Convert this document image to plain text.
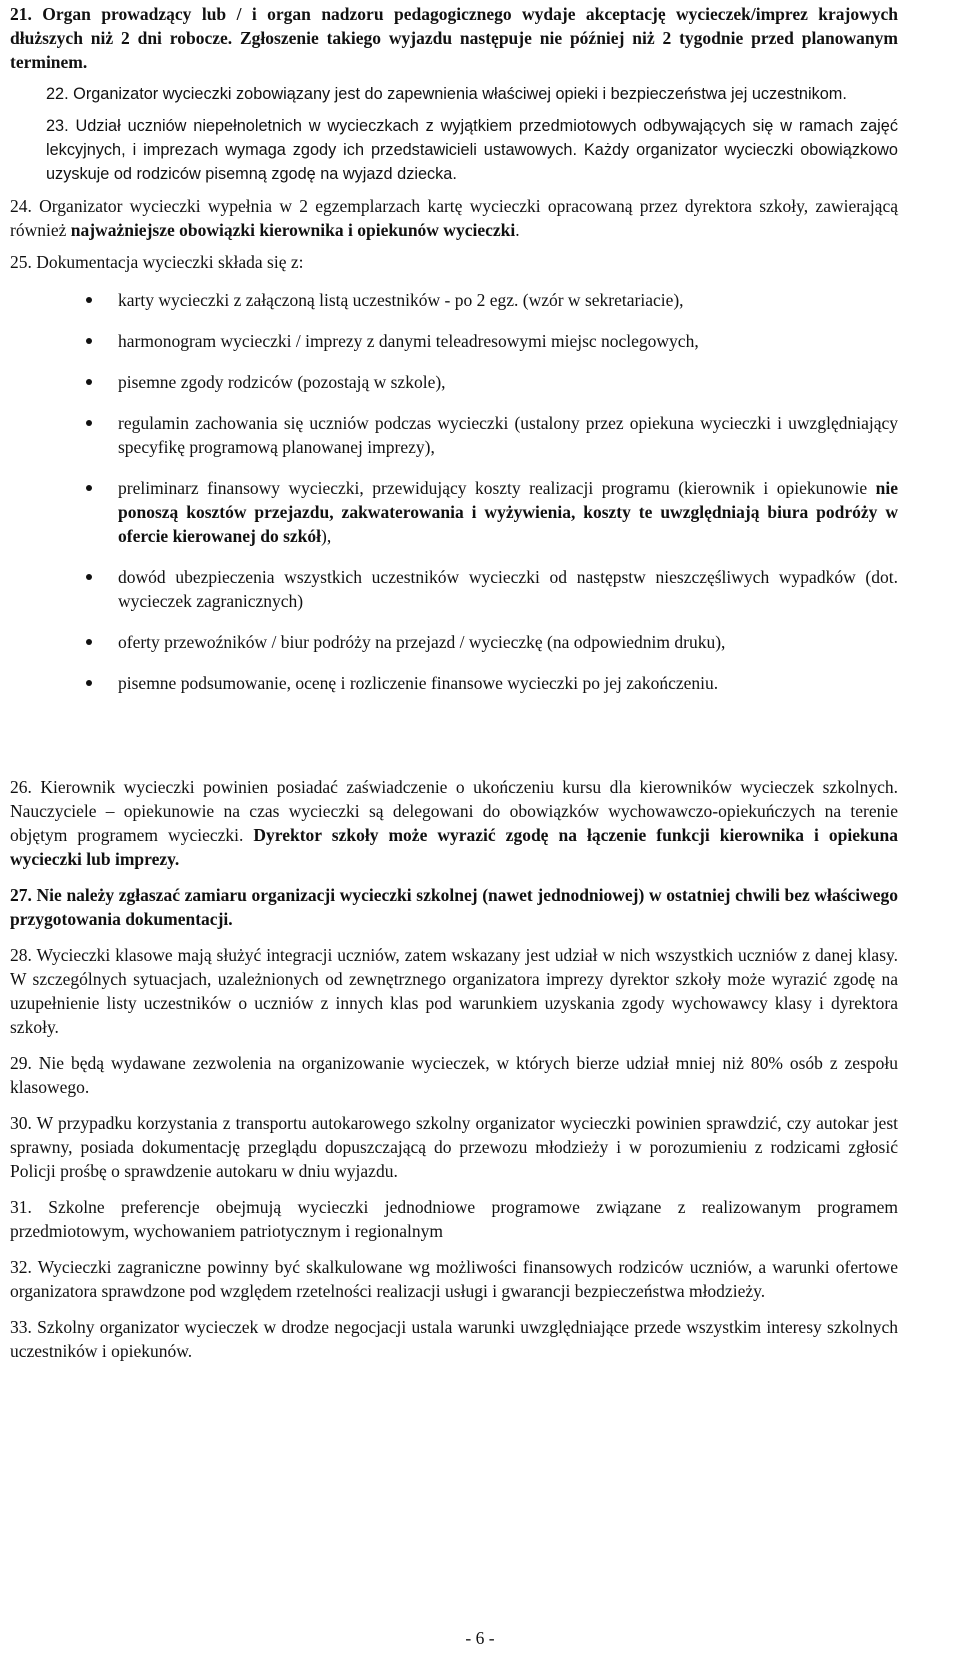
21. Organ prowadzący lub / i organ nadzoru pedagogicznego wydaje akceptację wycieczek/imprez krajowych dłuższych niż 2 dni robocze. Zgłoszenie takiego wyjazdu następuje nie później niż 2 tygodnie przed planowanym terminem.

22. Organizator wycieczki zobowiązany jest do zapewnienia właściwej opieki i bezpieczeństwa jej uczestnikom.

23. Udział uczniów niepełnoletnich w wycieczkach z wyjątkiem przedmiotowych odbywających się w ramach zajęć lekcyjnych, i imprezach wymaga zgody ich przedstawicieli ustawowych. Każdy organizator wycieczki obowiązkowo uzyskuje od rodziców pisemną zgodę na wyjazd dziecka.

24. Organizator wycieczki wypełnia w 2 egzemplarzach kartę wycieczki opracowaną przez dyrektora szkoły, zawierającą również najważniejsze obowiązki kierownika i opiekunów wycieczki.

25. Dokumentacja wycieczki składa się z:

karty wycieczki z załączoną listą uczestników - po 2 egz. (wzór w sekretariacie),
harmonogram wycieczki / imprezy z danymi teleadresowymi miejsc noclegowych,
pisemne zgody rodziców (pozostają w szkole),
regulamin zachowania się uczniów podczas wycieczki (ustalony przez opiekuna wycieczki i uwzględniający specyfikę programową planowanej imprezy),
preliminarz finansowy wycieczki, przewidujący koszty realizacji programu (kierownik i opiekunowie nie ponoszą kosztów przejazdu, zakwaterowania i wyżywienia, koszty te uwzględniają biura podróży w ofercie kierowanej do szkół),
dowód ubezpieczenia wszystkich uczestników wycieczki od następstw nieszczęśliwych wypadków (dot. wycieczek zagranicznych)
oferty przewoźników / biur podróży na przejazd / wycieczkę (na odpowiednim druku),
pisemne podsumowanie, ocenę i rozliczenie finansowe wycieczki po jej zakończeniu.

26. Kierownik wycieczki powinien posiadać zaświadczenie o ukończeniu kursu dla kierowników wycieczek szkolnych. Nauczyciele – opiekunowie na czas wycieczki są delegowani do obowiązków wychowawczo-opiekuńczych na terenie objętym programem wycieczki. Dyrektor szkoły może wyrazić zgodę na łączenie funkcji kierownika i opiekuna wycieczki lub imprezy.

27. Nie należy zgłaszać zamiaru organizacji wycieczki szkolnej (nawet jednodniowej) w ostatniej chwili bez właściwego przygotowania dokumentacji.

28. Wycieczki klasowe mają służyć integracji uczniów, zatem wskazany jest udział w nich wszystkich uczniów z danej klasy. W szczególnych sytuacjach, uzależnionych od zewnętrznego organizatora imprezy dyrektor szkoły może wyrazić zgodę na uzupełnienie listy uczestników o uczniów z innych klas pod warunkiem uzyskania zgody wychowawcy klasy i dyrektora szkoły.

29. Nie będą wydawane zezwolenia na organizowanie wycieczek, w których bierze udział mniej niż 80% osób z zespołu klasowego.

30. W przypadku korzystania z transportu autokarowego szkolny organizator wycieczki powinien sprawdzić, czy autokar jest sprawny, posiada dokumentację przeglądu dopuszczającą do przewozu młodzieży i w porozumieniu z rodzicami zgłosić Policji prośbę o sprawdzenie autokaru w dniu wyjazdu.

31. Szkolne preferencje obejmują wycieczki jednodniowe programowe związane z realizowanym programem przedmiotowym, wychowaniem patriotycznym i regionalnym

32. Wycieczki zagraniczne powinny być skalkulowane wg możliwości finansowych rodziców uczniów, a warunki ofertowe organizatora sprawdzone pod względem rzetelności realizacji usługi i gwarancji bezpieczeństwa młodzieży.

33. Szkolny organizator wycieczek w drodze negocjacji ustala warunki uwzględniające przede wszystkim interesy szkolnych uczestników i opiekunów.

- 6 -
